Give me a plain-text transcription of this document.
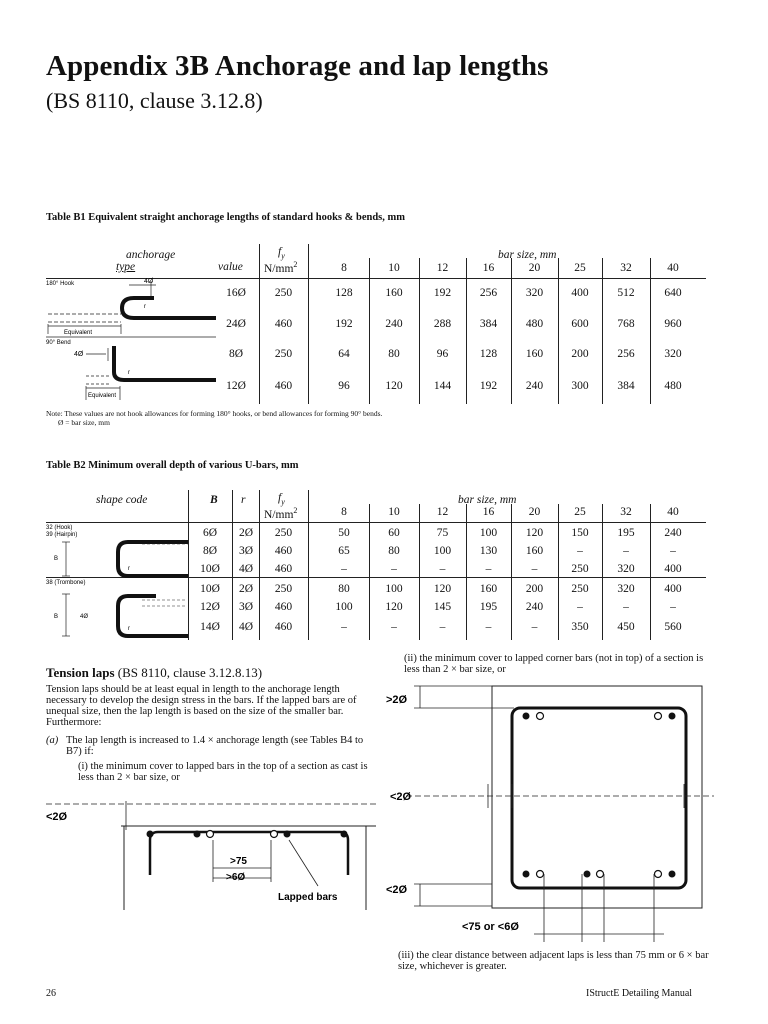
Appendix 3B Anchorage and lap lengths
(BS 8110, clause 3.12.8)
Table B1 Equivalent straight anchorage lengths of standard hooks & bends, mm
anchorage
type	value
$f_y$
$N/mm^2$
bar size, mm
8	10	12	16	20	25	32	40
16Ø	250	128	160	192	256	320	400	512	640
24Ø	460	192	240	288	384	480	600	768	960
8Ø	250	64	80	96	128	160	200	256	320
12Ø	460	96	120	144	192	240	300	384	480
180° Hook	4Ø
r
Equivalent
90° Bend
4Ø
r
Equivalent
Note: These values are not hook allowances for forming 180° hooks, or bend allowances for forming 90° bends.
Ø = bar size, mm
Table B2 Minimum overall depth of various U-bars, mm
shape code	B r	$f_y$
$N/mm^2$
bar size, mm
8	10	12	16	20	25	32	40
6Ø	2Ø	250	50	60	75	100	120	150	195	240
8Ø	3Ø	460	65	80	100	130	160	–	–	–
10Ø	4Ø	460	–	–	–	–	–	250	320	400
10Ø	2Ø	250	80	100	120	160	200	250	320	400
12Ø	3Ø	460	100	120	145	195	240	–	–	–
14Ø	4Ø	460	–	–	–	–	–	350	450	560
32 (Hook)
39 (Hairpin)
B
r
38 (Trombone)
B	4Ø
r
Tension laps (BS 8110, clause 3.12.8.13)
Tension laps should be at least equal in length to the anchorage length necessary to develop the design stress in the bars. If the lapped bars are of unequal size, then the lap length is based on the size of the smaller bar. Furthermore:
(a) The lap length is increased to 1.4 × anchorage length (see Tables B4 to B7) if:
(i) the minimum cover to lapped bars in the top of a section as cast is less than 2 × bar size, or
(ii) the minimum cover to lapped corner bars (not in top) of a section is less than 2 × bar size, or
<2Ø
>75
>6Ø
Lapped bars
>2Ø
<2Ø
<2Ø
<75 or <6Ø
(iii) the clear distance between adjacent laps is less than 75 mm or 6 × bar size, whichever is greater.
26	IStructE Detailing Manual
